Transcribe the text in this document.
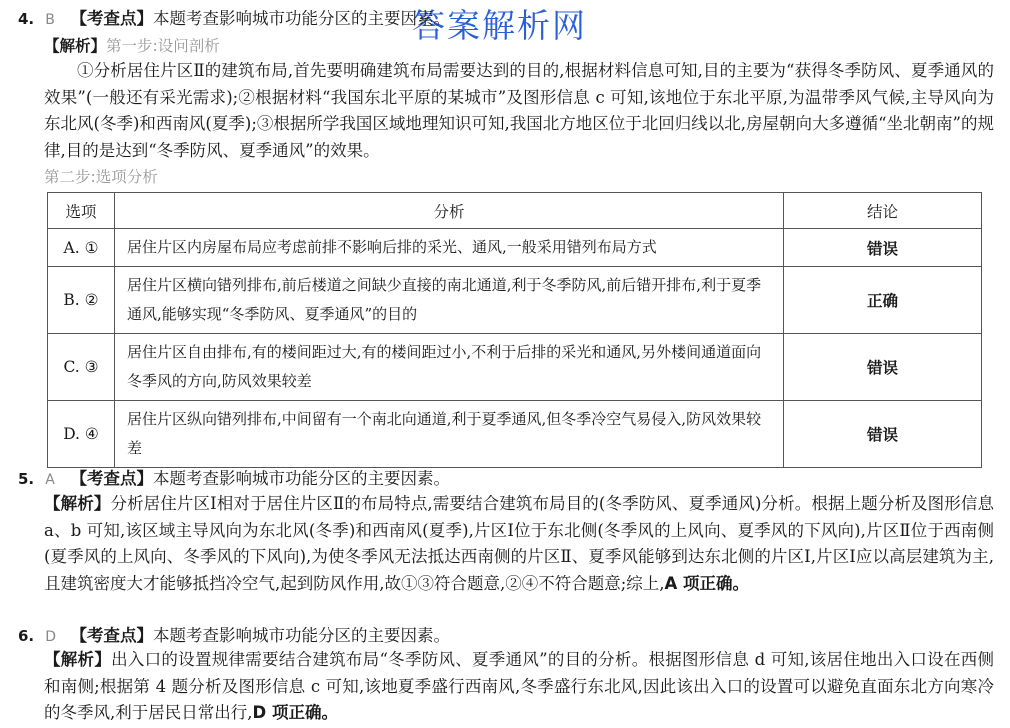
答案解析网
4. B 【考查点】本题考查影响城市功能分区的主要因素。
【解析】第一步:设问剖析
①分析居住片区Ⅱ的建筑布局,首先要明确建筑布局需要达到的目的,根据材料信息可知,目的主要为“获得冬季防风、夏季通风的效果”(一般还有采光需求);②根据材料“我国东北平原的某城市”及图形信息 c 可知,该地位于东北平原,为温带季风气候,主导风向为东北风(冬季)和西南风(夏季);③根据所学我国区域地理知识可知,我国北方地区位于北回归线以北,房屋朝向大多遵循“坐北朝南”的规律,目的是达到“冬季防风、夏季通风”的效果。
第二步:选项分析
选项	分析	结论
A. ①	居住片区内房屋布局应考虑前排不影响后排的采光、通风,一般采用错列布局方式	错误
B. ②	居住片区横向错列排布,前后楼道之间缺少直接的南北通道,利于冬季防风,前后错开排布,利于夏季通风,能够实现“冬季防风、夏季通风”的目的	正确
C. ③	居住片区自由排布,有的楼间距过大,有的楼间距过小,不利于后排的采光和通风,另外楼间通道面向冬季风的方向,防风效果较差	错误
D. ④	居住片区纵向错列排布,中间留有一个南北向通道,利于夏季通风,但冬季冷空气易侵入,防风效果较差	错误
5. A 【考查点】本题考查影响城市功能分区的主要因素。
【解析】分析居住片区Ⅰ相对于居住片区Ⅱ的布局特点,需要结合建筑布局目的(冬季防风、夏季通风)分析。根据上题分析及图形信息 a、b 可知,该区域主导风向为东北风(冬季)和西南风(夏季),片区Ⅰ位于东北侧(冬季风的上风向、夏季风的下风向),片区Ⅱ位于西南侧(夏季风的上风向、冬季风的下风向),为使冬季风无法抵达西南侧的片区Ⅱ、夏季风能够到达东北侧的片区Ⅰ,片区Ⅰ应以高层建筑为主,且建筑密度大才能够抵挡冷空气,起到防风作用,故①③符合题意,②④不符合题意;综上,A 项正确。
6. D 【考查点】本题考查影响城市功能分区的主要因素。
【解析】出入口的设置规律需要结合建筑布局“冬季防风、夏季通风”的目的分析。根据图形信息 d 可知,该居住地出入口设在西侧和南侧;根据第 4 题分析及图形信息 c 可知,该地夏季盛行西南风,冬季盛行东北风,因此该出入口的设置可以避免直面东北方向寒冷的冬季风,利于居民日常出行,D 项正确。
